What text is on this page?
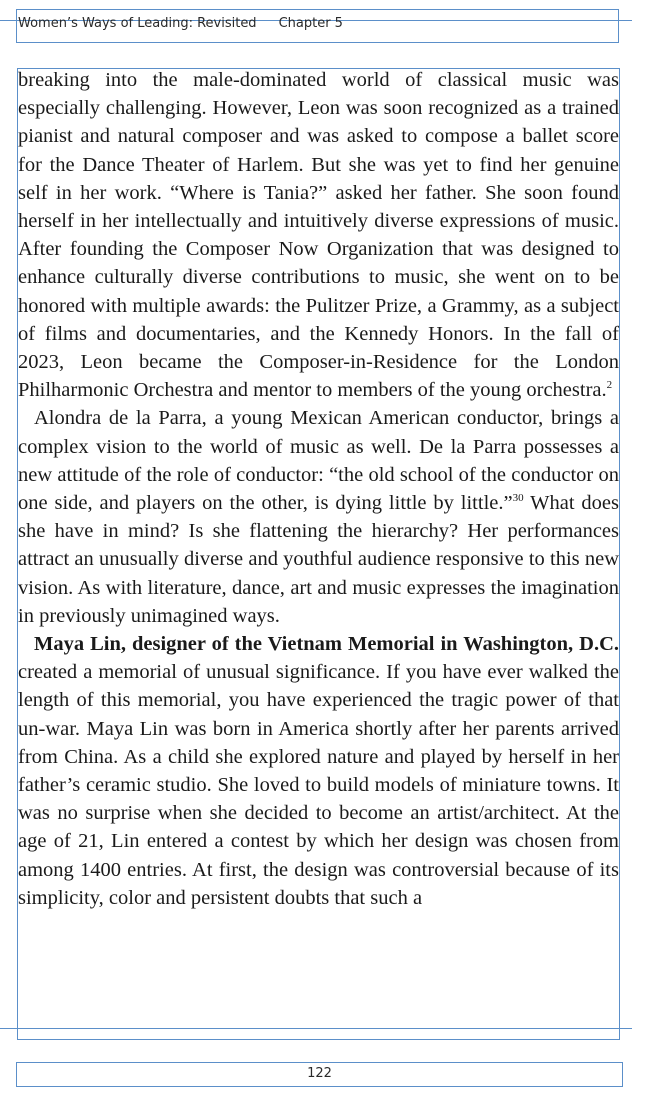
Women’s Ways of Leading: Revisited Chapter 5

breaking into the male-dominated world of classical music was especially challenging. However, Leon was soon recognized as a trained pianist and natural composer and was asked to compose a ballet score for the Dance Theater of Harlem. But she was yet to find her genuine self in her work. “Where is Tania?” asked her father. She soon found herself in her intellectually and intuitively diverse expressions of music. After founding the Composer Now Organization that was designed to enhance culturally diverse contributions to music, she went on to be honored with multiple awards: the Pulitzer Prize, a Grammy, as a subject of films and documentaries, and the Kennedy Honors. In the fall of 2023, Leon became the Composer-in-Residence for the London Philharmonic Orchestra and mentor to members of the young orchestra.$^2$

Alondra de la Parra, a young Mexican American conductor, brings a complex vision to the world of music as well. De la Parra possesses a new attitude of the role of conductor: “the old school of the conductor on one side, and players on the other, is dying little by little.”$^{30}$ What does she have in mind? Is she flattening the hierarchy? Her performances attract an unusually diverse and youthful audience responsive to this new vision. As with literature, dance, art and music expresses the imagination in previously unimagined ways.

Maya Lin, designer of the Vietnam Memorial in Washington, D.C. created a memorial of unusual significance. If you have ever walked the length of this memorial, you have experienced the tragic power of that un-war. Maya Lin was born in America shortly after her parents arrived from China. As a child she explored nature and played by herself in her father’s ceramic studio. She loved to build models of miniature towns. It was no surprise when she decided to become an artist/architect. At the age of 21, Lin entered a contest by which her design was chosen from among 1400 entries. At first, the design was controversial because of its simplicity, color and persistent doubts that such a

122
